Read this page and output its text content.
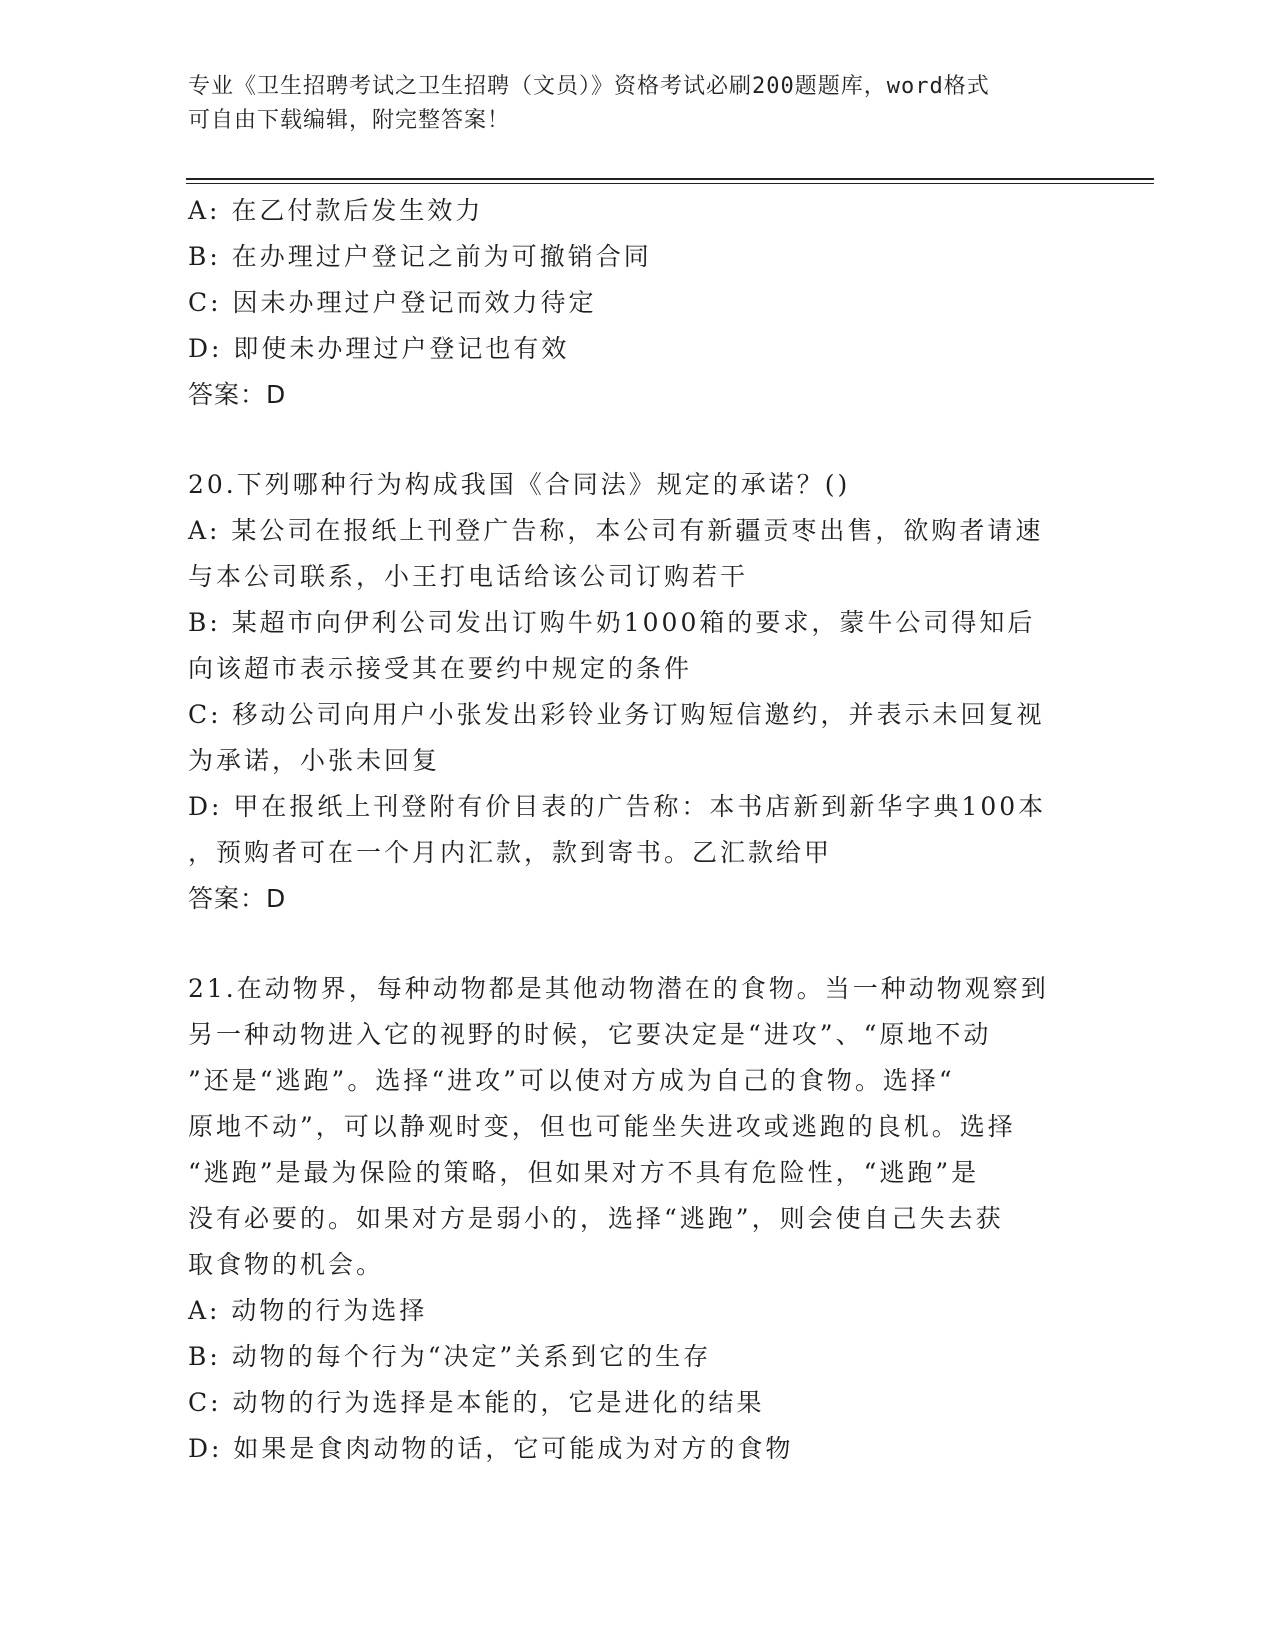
专业《卫生招聘考试之卫生招聘（文员）》资格考试必刷200题题库，word格式
可自由下载编辑，附完整答案！

A: 在乙付款后发生效力

B: 在办理过户登记之前为可撤销合同

C: 因未办理过户登记而效力待定

D: 即使未办理过户登记也有效

答案：D

20.下列哪种行为构成我国《合同法》规定的承诺？()

A: 某公司在报纸上刊登广告称，本公司有新疆贡枣出售，欲购者请速

与本公司联系，小王打电话给该公司订购若干

B: 某超市向伊利公司发出订购牛奶1000箱的要求，蒙牛公司得知后

向该超市表示接受其在要约中规定的条件

C: 移动公司向用户小张发出彩铃业务订购短信邀约，并表示未回复视

为承诺，小张未回复

D: 甲在报纸上刊登附有价目表的广告称：本书店新到新华字典100本

，预购者可在一个月内汇款，款到寄书。乙汇款给甲

答案：D

21.在动物界，每种动物都是其他动物潜在的食物。当一种动物观察到

另一种动物进入它的视野的时候，它要决定是“进攻”、“原地不动

”还是“逃跑”。选择“进攻”可以使对方成为自己的食物。选择“

原地不动”，可以静观时变，但也可能坐失进攻或逃跑的良机。选择

“逃跑”是最为保险的策略，但如果对方不具有危险性，“逃跑”是

没有必要的。如果对方是弱小的，选择“逃跑”，则会使自己失去获

取食物的机会。

A: 动物的行为选择

B: 动物的每个行为“决定”关系到它的生存

C: 动物的行为选择是本能的，它是进化的结果

D: 如果是食肉动物的话，它可能成为对方的食物
